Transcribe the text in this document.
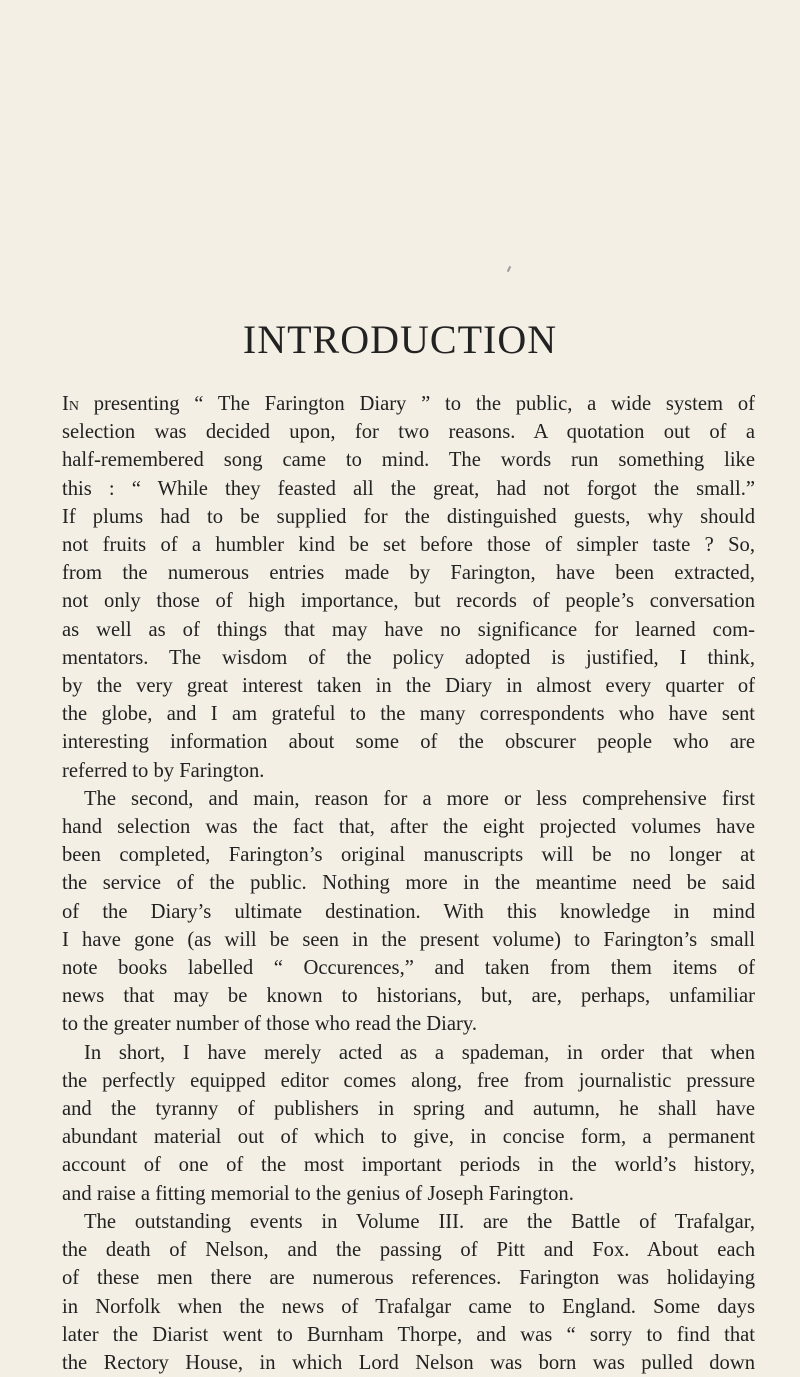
INTRODUCTION

In presenting “ The Farington Diary ” to the public, a wide system of
selection was decided upon, for two reasons. A quotation out of a
half-remembered song came to mind. The words run something like
this : “ While they feasted all the great, had not forgot the small.”
If plums had to be supplied for the distinguished guests, why should
not fruits of a humbler kind be set before those of simpler taste ? So,
from the numerous entries made by Farington, have been extracted,
not only those of high importance, but records of people’s conversation
as well as of things that may have no significance for learned com-
mentators. The wisdom of the policy adopted is justified, I think,
by the very great interest taken in the Diary in almost every quarter of
the globe, and I am grateful to the many correspondents who have sent
interesting information about some of the obscurer people who are
referred to by Farington.

The second, and main, reason for a more or less comprehensive first
hand selection was the fact that, after the eight projected volumes have
been completed, Farington’s original manuscripts will be no longer at
the service of the public. Nothing more in the meantime need be said
of the Diary’s ultimate destination. With this knowledge in mind
I have gone (as will be seen in the present volume) to Farington’s small
note books labelled “ Occurences,” and taken from them items of
news that may be known to historians, but, are, perhaps, unfamiliar
to the greater number of those who read the Diary.

In short, I have merely acted as a spademan, in order that when
the perfectly equipped editor comes along, free from journalistic pressure
and the tyranny of publishers in spring and autumn, he shall have
abundant material out of which to give, in concise form, a permanent
account of one of the most important periods in the world’s history,
and raise a fitting memorial to the genius of Joseph Farington.

The outstanding events in Volume III. are the Battle of Trafalgar,
the death of Nelson, and the passing of Pitt and Fox. About each
of these men there are numerous references. Farington was holidaying
in Norfolk when the news of Trafalgar came to England. Some days
later the Diarist went to Burnham Thorpe, and was “ sorry to find that
the Rectory House, in which Lord Nelson was born was pulled down
